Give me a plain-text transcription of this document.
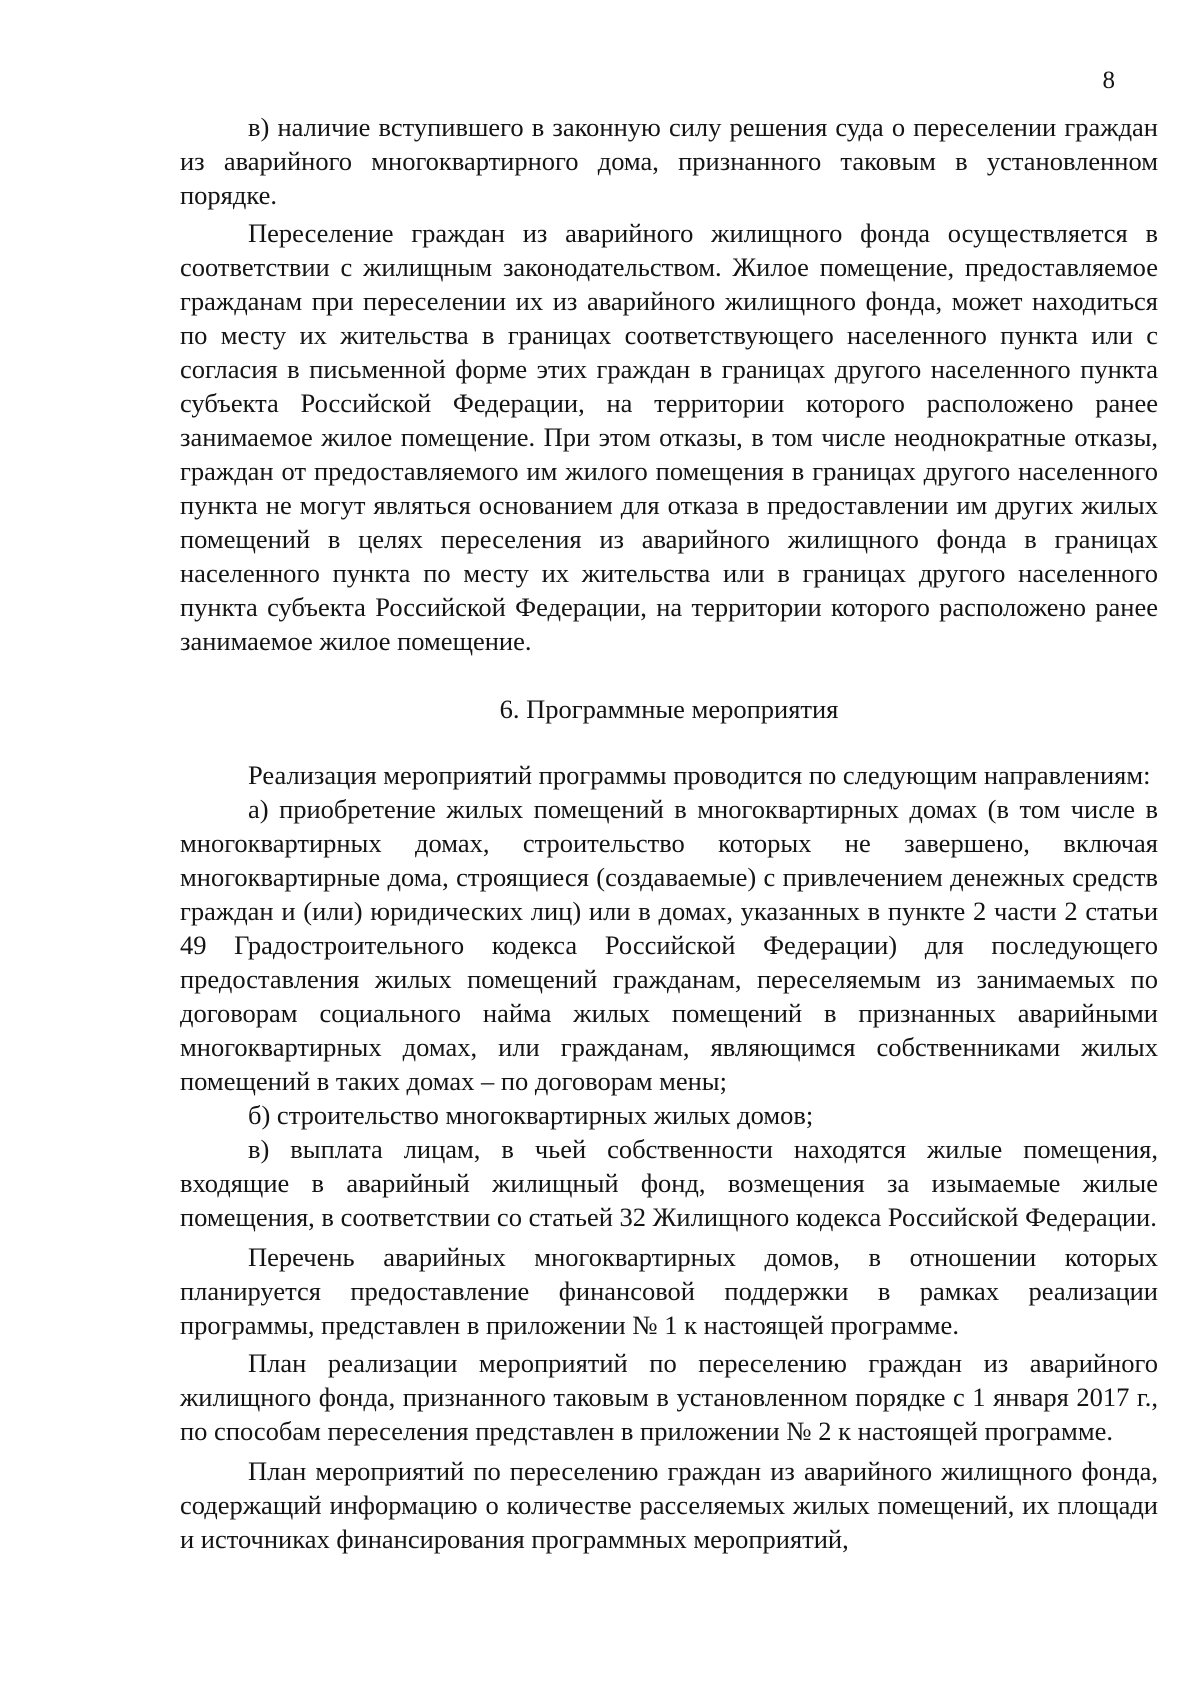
8

в) наличие вступившего в законную силу решения суда о переселении граждан из аварийного многоквартирного дома, признанного таковым в установленном порядке.

Переселение граждан из аварийного жилищного фонда осуществляется в соответствии с жилищным законодательством. Жилое помещение, предоставляемое гражданам при переселении их из аварийного жилищного фонда, может находиться по месту их жительства в границах соответствующего населенного пункта или с согласия в письменной форме этих граждан в границах другого населенного пункта субъекта Российской Федерации, на территории которого расположено ранее занимаемое жилое помещение. При этом отказы, в том числе неоднократные отказы, граждан от предоставляемого им жилого помещения в границах другого населенного пункта не могут являться основанием для отказа в предоставлении им других жилых помещений в целях переселения из аварийного жилищного фонда в границах населенного пункта по месту их жительства или в границах другого населенного пункта субъекта Российской Федерации, на территории которого расположено ранее занимаемое жилое помещение.

6. Программные мероприятия

Реализация мероприятий программы проводится по следующим направлениям:

а) приобретение жилых помещений в многоквартирных домах (в том числе в многоквартирных домах, строительство которых не завершено, включая многоквартирные дома, строящиеся (создаваемые) с привлечением денежных средств граждан и (или) юридических лиц) или в домах, указанных в пункте 2 части 2 статьи 49 Градостроительного кодекса Российской Федерации) для последующего предоставления жилых помещений гражданам, переселяемым из занимаемых по договорам социального найма жилых помещений в признанных аварийными многоквартирных домах, или гражданам, являющимся собственниками жилых помещений в таких домах – по договорам мены;

б) строительство многоквартирных жилых домов;

в) выплата лицам, в чьей собственности находятся жилые помещения, входящие в аварийный жилищный фонд, возмещения за изымаемые жилые помещения, в соответствии со статьей 32 Жилищного кодекса Российской Федерации.

Перечень аварийных многоквартирных домов, в отношении которых планируется предоставление финансовой поддержки в рамках реализации программы, представлен в приложении № 1 к настоящей программе.

План реализации мероприятий по переселению граждан из аварийного жилищного фонда, признанного таковым в установленном порядке с 1 января 2017 г., по способам переселения представлен в приложении № 2 к настоящей программе.

План мероприятий по переселению граждан из аварийного жилищного фонда, содержащий информацию о количестве расселяемых жилых помещений, их площади и источниках финансирования программных мероприятий,
